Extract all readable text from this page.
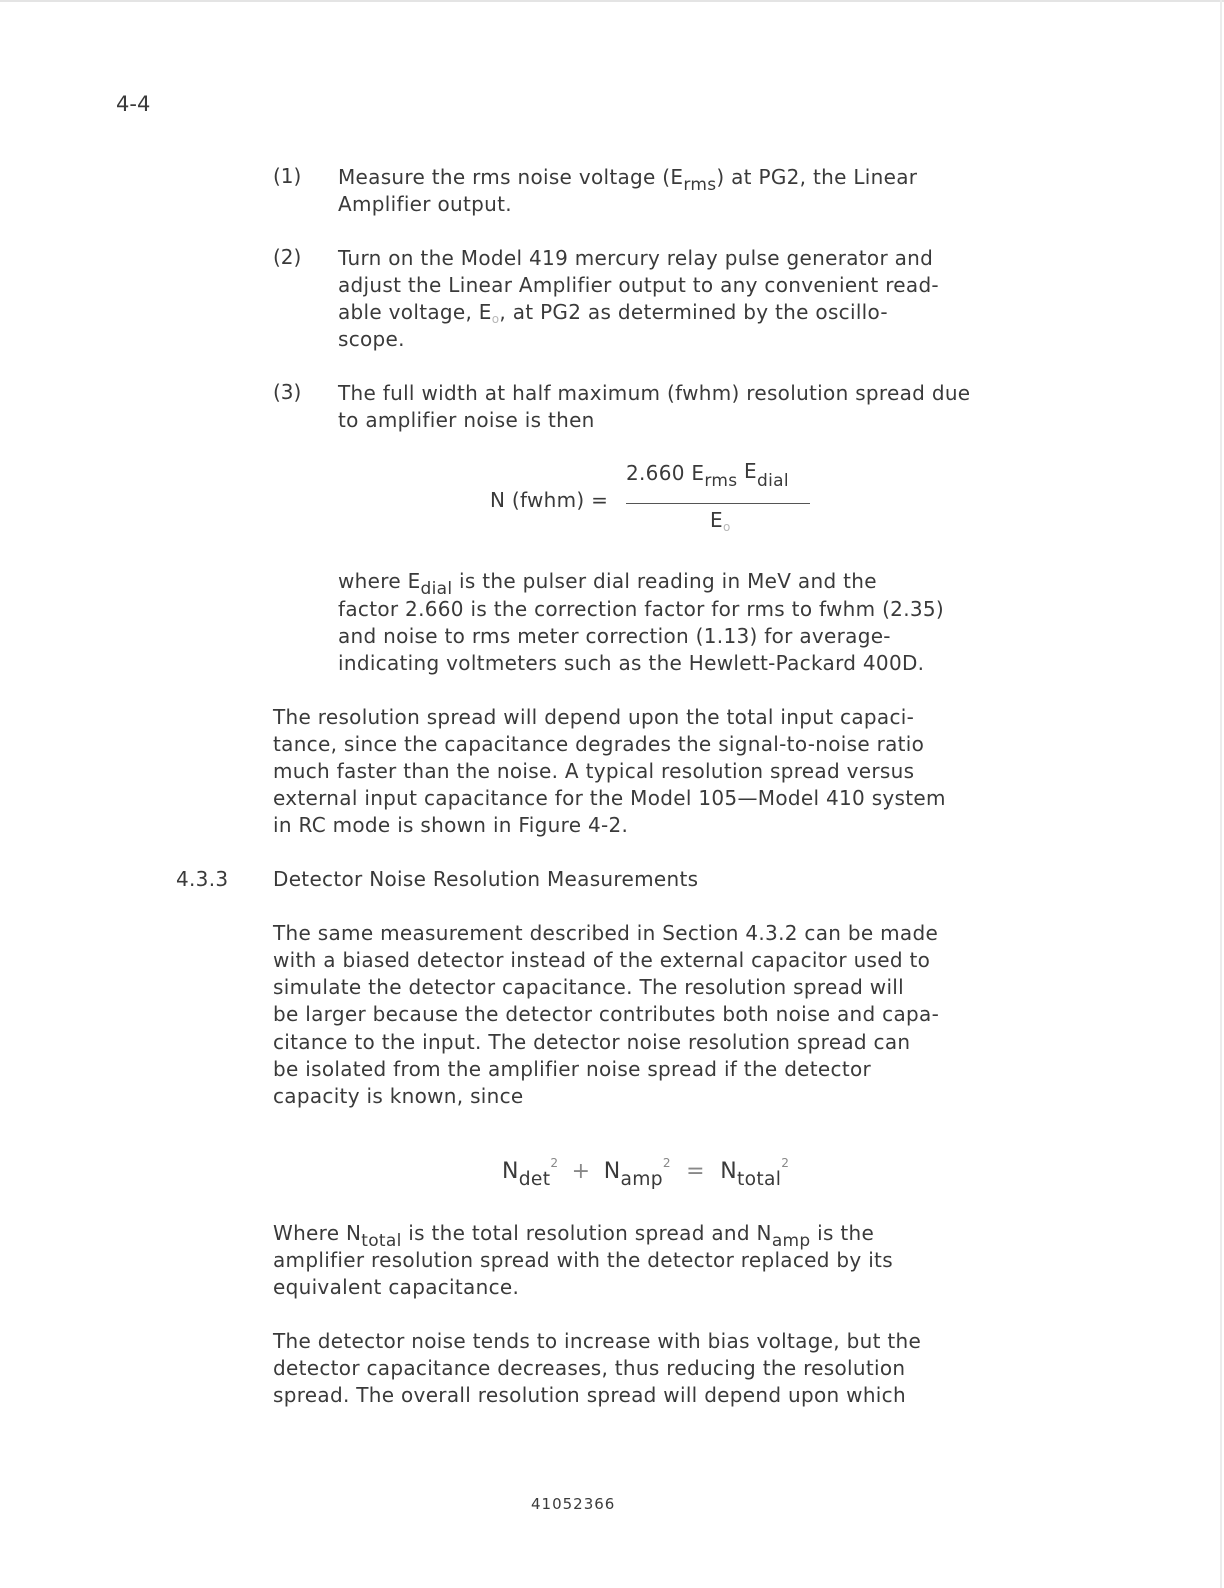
4-4
(1) Measure the rms noise voltage $(E_{rms})$ at PG2, the Linear
Amplifier output.
(2) Turn on the Model 419 mercury relay pulse generator and
adjust the Linear Amplifier output to any convenient read-
able voltage, $E_o$, at PG2 as determined by the oscillo-
scope.
(3) The full width at half maximum (fwhm) resolution spread due
to amplifier noise is then
N (fwhm) =
2.660 $E_{rms}$ $E_{dial}$
$E_o$
where $E_{dial}$ is the pulser dial reading in MeV and the
factor 2.660 is the correction factor for rms to fwhm (2.35)
and noise to rms meter correction (1.13) for average-
indicating voltmeters such as the Hewlett-Packard 400D.
The resolution spread will depend upon the total input capaci-
tance, since the capacitance degrades the signal-to-noise ratio
much faster than the noise. A typical resolution spread versus
external input capacitance for the Model 105—Model 410 system
in RC mode is shown in Figure 4-2.
4.3.3 Detector Noise Resolution Measurements
The same measurement described in Section 4.3.2 can be made
with a biased detector instead of the external capacitor used to
simulate the detector capacitance. The resolution spread will
be larger because the detector contributes both noise and capa-
citance to the input. The detector noise resolution spread can
be isolated from the amplifier noise spread if the detector
capacity is known, since
$N_{det}^2 + N_{amp}^2 = N_{total}^2$
Where $N_{total}$ is the total resolution spread and $N_{amp}$ is the
amplifier resolution spread with the detector replaced by its
equivalent capacitance.
The detector noise tends to increase with bias voltage, but the
detector capacitance decreases, thus reducing the resolution
spread. The overall resolution spread will depend upon which
41052366
